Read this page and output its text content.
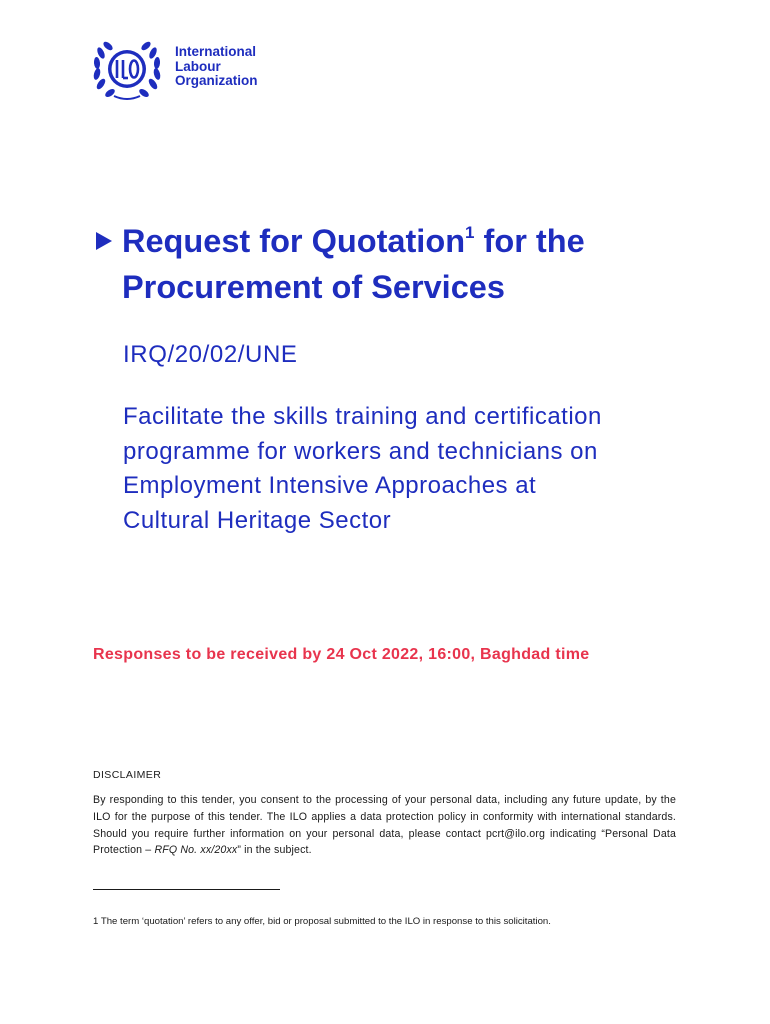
International
Labour
Organization
Request for Quotation$^1$ for the
Procurement of Services
IRQ/20/02/UNE
Facilitate the skills training and certification
programme for workers and technicians on
Employment Intensive Approaches at
Cultural Heritage Sector
Responses to be received by 24 Oct 2022, 16:00, Baghdad time
DISCLAIMER
By responding to this tender, you consent to the processing of your personal data, including any future update, by the ILO for the purpose of this tender. The ILO applies a data protection policy in conformity with international standards. Should you require further information on your personal data, please contact pcrt@ilo.org indicating “Personal Data Protection – RFQ No. xx/20xx” in the subject.
1 The term ‘quotation’ refers to any offer, bid or proposal submitted to the ILO in response to this solicitation.
